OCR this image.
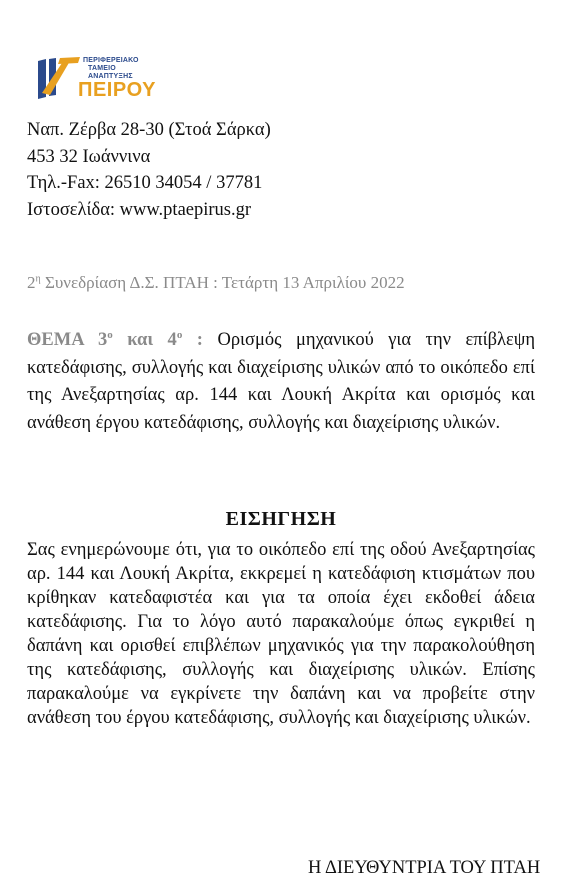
ΠΕΡΙΦΕΡΕΙΑΚΟ
ΤΑΜΕΙΟ
ΑΝΑΠΤΥΞΗΣ
ΠΕΙΡΟΥ
Ναπ. Ζέρβα 28-30 (Στοά Σάρκα)
453 32 Ιωάννινα
Τηλ.-Fax: 26510 34054 / 37781
Ιστοσελίδα: www.ptaepirus.gr
$2^\eta$ Συνεδρίαση Δ.Σ. ΠΤΑΗ : Τετάρτη 13 Απριλίου 2022
ΘΕΜΑ $3^o$ και $4^o$ : Ορισμός μηχανικού για την επίβλεψη κατεδάφισης, συλλογής και διαχείρισης υλικών από το οικόπεδο επί της Ανεξαρτησίας αρ. 144 και Λουκή Ακρίτα και ορισμός και ανάθεση έργου κατεδάφισης, συλλογής και διαχείρισης υλικών.
ΕΙΣΗΓΗΣΗ
Σας ενημερώνουμε ότι, για το οικόπεδο επί της οδού Ανεξαρτησίας αρ. 144 και Λουκή Ακρίτα, εκκρεμεί η κατεδάφιση κτισμάτων που κρίθηκαν κατεδαφιστέα και για τα οποία έχει εκδοθεί άδεια κατεδάφισης. Για το λόγο αυτό παρακαλούμε όπως εγκριθεί η δαπάνη και ορισθεί επιβλέπων μηχανικός για την παρακολούθηση της κατεδάφισης, συλλογής και διαχείρισης υλικών. Επίσης παρακαλούμε να εγκρίνετε την δαπάνη και να προβείτε στην ανάθεση του έργου κατεδάφισης, συλλογής και διαχείρισης υλικών.
Η ΔΙΕΥΘΥΝΤΡΙΑ ΤΟΥ ΠΤΑΗ
